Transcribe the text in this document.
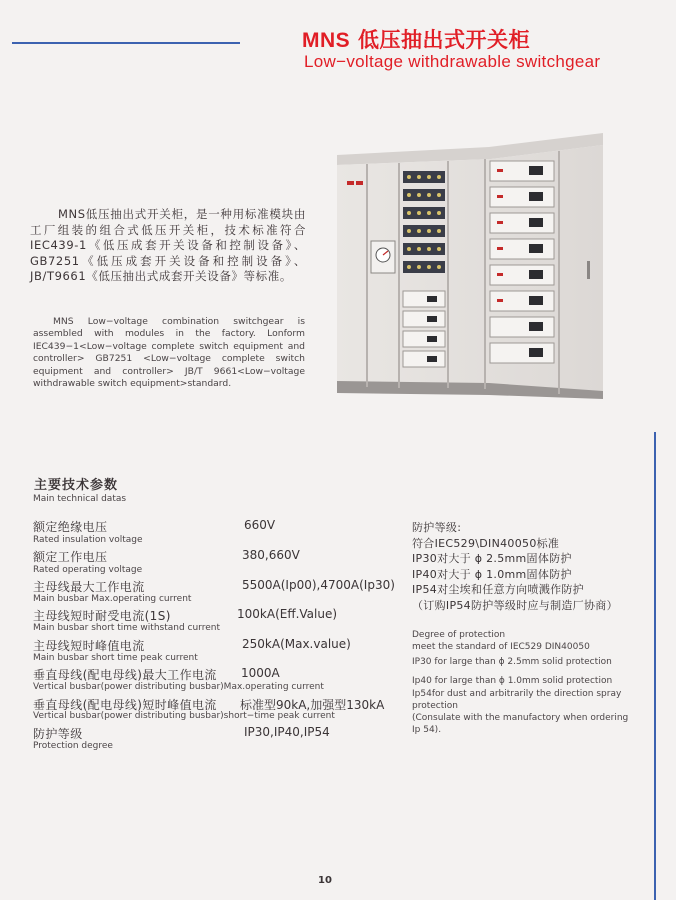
MNS 低压抽出式开关柜
Low−voltage withdrawable switchgear
MNS低压抽出式开关柜，是一种用标准模块由工厂组装的组合式低压开关柜，技术标准符合 IEC439-1《低压成套开关设备和控制设备》、 GB7251《低压成套开关设备和控制设备》、JB/T9661《低压抽出式成套开关设备》等标准。
MNS Low−voltage combination switchgear is assembled with modules in the factory. Lonform IEC439−1<Low−voltage complete switch equipment and controller> GB7251 <Low−voltage complete switch equipment and controller> JB/T 9661<Low−voltage withdrawable switch equipment>standard.
主要技术参数
Main technical datas
额定绝缘电压	660V
Rated insulation voltage
额定工作电压	380,660V
Rated operating voltage
主母线最大工作电流	5500A(Ip00),4700A(Ip30)
Main busbar Max.operating current
主母线短时耐受电流(1S)	100kA(Eff.Value)
Main busbar short time withstand current
主母线短时峰值电流	250kA(Max.value)
Main busbar short time peak current
垂直母线(配电母线)最大工作电流 1000A
Vertical busbar(power distributing busbar)Max.operating current
垂直母线(配电母线)短时峰值电流 标准型90kA,加强型130kA
Vertical busbar(power distributing busbar)short−time peak current
防护等级	IP30,IP40,IP54
Protection degree
防护等级:
符合IEC529\DIN40050标准
IP30对大于 ɸ 2.5mm固体防护
IP40对大于 ɸ 1.0mm固体防护
IP54对尘埃和任意方向喷溅作防护
（订购IP54防护等级时应与制造厂协商）
Degree of protection
meet the standard of IEC529 DIN40050
IP30 for large than ɸ 2.5mm solid protection
Ip40 for large than ɸ 1.0mm solid protection
Ip54for dust and arbitrarily the direction spray
protection
(Consulate with the manufactory when ordering
Ip 54).
10
